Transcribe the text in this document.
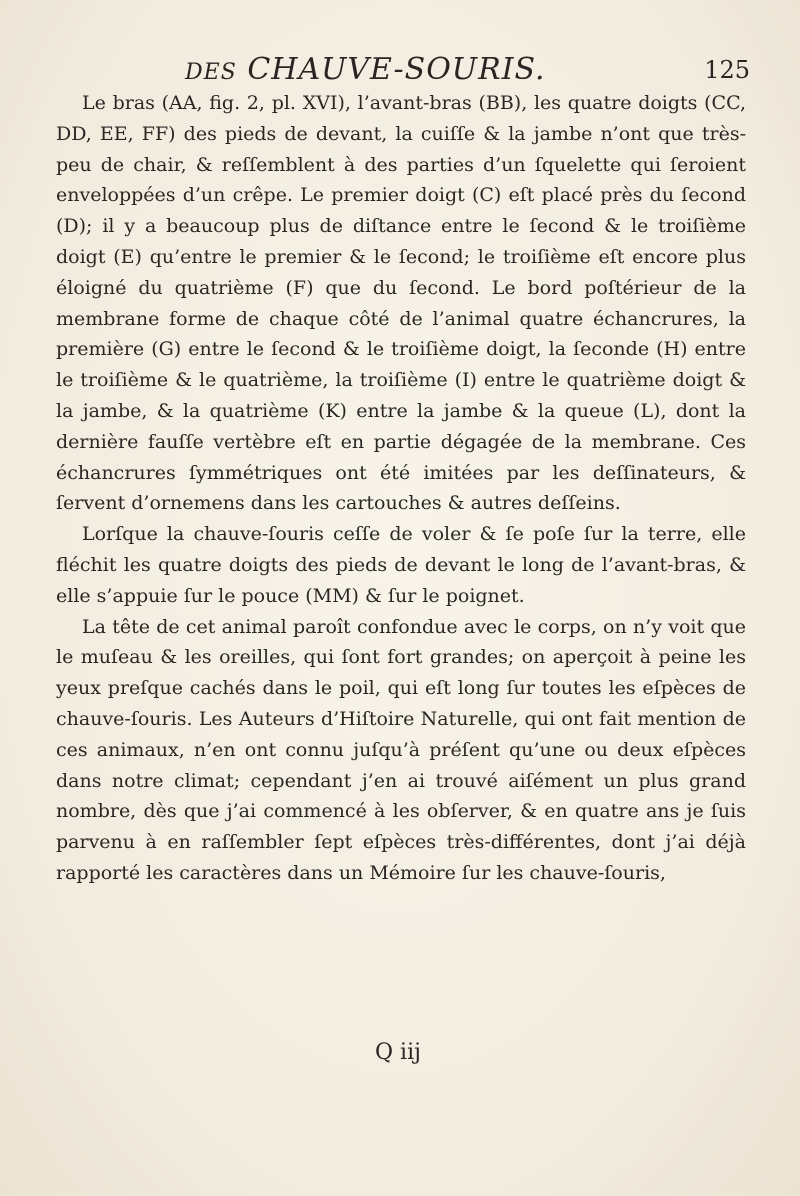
DES CHAUVE-SOURIS.	125

Le bras (AA, fig. 2, pl. XVI), l’avant-bras (BB), les quatre doigts (CC, DD, EE, FF) des pieds de devant, la cuiſſe & la jambe n’ont que très-peu de chair, & reſſemblent à des parties d’un ſquelette qui ſeroient enveloppées d’un crêpe. Le premier doigt (C) eſt placé près du ſecond (D); il y a beaucoup plus de diſtance entre le ſecond & le troiſième doigt (E) qu’entre le premier & le ſecond; le troiſième eſt encore plus éloigné du quatrième (F) que du ſecond. Le bord poſtérieur de la membrane forme de chaque côté de l’animal quatre échancrures, la première (G) entre le ſecond & le troiſième doigt, la ſeconde (H) entre le troiſième & le quatrième, la troiſième (I) entre le quatrième doigt & la jambe, & la quatrième (K) entre la jambe & la queue (L), dont la dernière fauſſe vertèbre eſt en partie dégagée de la membrane. Ces échancrures ſymmétriques ont été imitées par les deſſinateurs, & ſervent d’ornemens dans les cartouches & autres deſſeins.

Lorſque la chauve-ſouris ceſſe de voler & ſe poſe ſur la terre, elle fléchit les quatre doigts des pieds de devant le long de l’avant-bras, & elle s’appuie ſur le pouce (MM) & ſur le poignet.

La tête de cet animal paroît confondue avec le corps, on n’y voit que le muſeau & les oreilles, qui ſont fort grandes; on aperçoit à peine les yeux preſque cachés dans le poil, qui eſt long ſur toutes les eſpèces de chauve-ſouris. Les Auteurs d’Hiſtoire Naturelle, qui ont fait mention de ces animaux, n’en ont connu juſqu’à préſent qu’une ou deux eſpèces dans notre climat; cependant j’en ai trouvé aiſément un plus grand nombre, dès que j’ai commencé à les obſerver, & en quatre ans je ſuis parvenu à en raſſembler ſept eſpèces très-différentes, dont j’ai déjà rapporté les caractères dans un Mémoire ſur les chauve-ſouris,

Q iij
